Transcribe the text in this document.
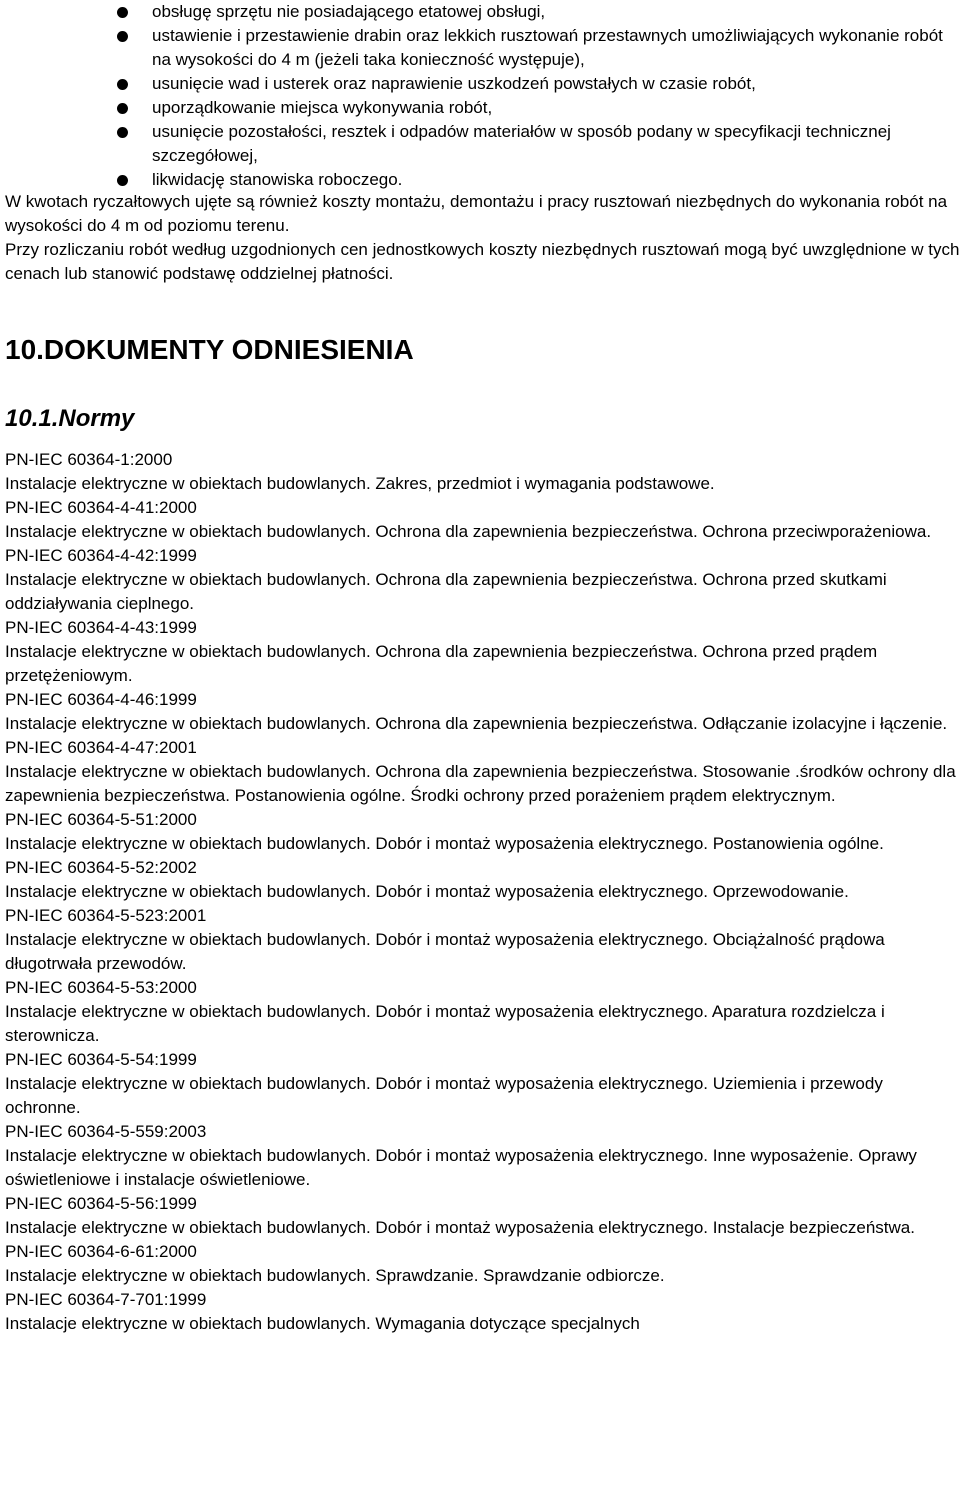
obsługę sprzętu nie posiadającego etatowej obsługi,
ustawienie i przestawienie drabin oraz lekkich rusztowań przestawnych umożliwiających wykonanie robót na wysokości do 4 m (jeżeli taka konieczność występuje),
usunięcie wad i usterek oraz naprawienie uszkodzeń powstałych w czasie robót,
uporządkowanie miejsca wykonywania robót,
usunięcie pozostałości, resztek i odpadów materiałów w sposób podany w specyfikacji technicznej szczegółowej,
likwidację stanowiska roboczego.
W kwotach ryczałtowych ujęte są również koszty montażu, demontażu i pracy rusztowań niezbędnych do wykonania robót na wysokości do 4 m od poziomu terenu.
Przy rozliczaniu robót według uzgodnionych cen jednostkowych koszty niezbędnych rusztowań mogą być uwzględnione w tych cenach lub stanowić podstawę oddzielnej płatności.
10.DOKUMENTY ODNIESIENIA
10.1.Normy
PN-IEC 60364-1:2000
Instalacje elektryczne w obiektach budowlanych. Zakres, przedmiot i wymagania podstawowe.
PN-IEC 60364-4-41:2000
Instalacje elektryczne w obiektach budowlanych. Ochrona dla zapewnienia bezpieczeństwa. Ochrona przeciwporażeniowa.
PN-IEC 60364-4-42:1999
Instalacje elektryczne w obiektach budowlanych. Ochrona dla zapewnienia bezpieczeństwa. Ochrona przed skutkami oddziaływania cieplnego.
PN-IEC 60364-4-43:1999
Instalacje elektryczne w obiektach budowlanych. Ochrona dla zapewnienia bezpieczeństwa. Ochrona przed prądem przetężeniowym.
PN-IEC 60364-4-46:1999
Instalacje elektryczne w obiektach budowlanych. Ochrona dla zapewnienia bezpieczeństwa. Odłączanie izolacyjne i łączenie.
PN-IEC 60364-4-47:2001
Instalacje elektryczne w obiektach budowlanych. Ochrona dla zapewnienia bezpieczeństwa. Stosowanie .środków ochrony dla zapewnienia bezpieczeństwa. Postanowienia ogólne. Środki ochrony przed porażeniem prądem elektrycznym.
PN-IEC 60364-5-51:2000
Instalacje elektryczne w obiektach budowlanych. Dobór i montaż wyposażenia elektrycznego. Postanowienia ogólne.
PN-IEC 60364-5-52:2002
Instalacje elektryczne w obiektach budowlanych. Dobór i montaż wyposażenia elektrycznego. Oprzewodowanie.
PN-IEC 60364-5-523:2001
Instalacje elektryczne w obiektach budowlanych. Dobór i montaż wyposażenia elektrycznego. Obciążalność prądowa długotrwała przewodów.
PN-IEC 60364-5-53:2000
Instalacje elektryczne w obiektach budowlanych. Dobór i montaż wyposażenia elektrycznego. Aparatura rozdzielcza i sterownicza.
PN-IEC 60364-5-54:1999
Instalacje elektryczne w obiektach budowlanych. Dobór i montaż wyposażenia elektrycznego. Uziemienia i przewody ochronne.
PN-IEC 60364-5-559:2003
Instalacje elektryczne w obiektach budowlanych. Dobór i montaż wyposażenia elektrycznego. Inne wyposażenie. Oprawy oświetleniowe i instalacje oświetleniowe.
PN-IEC 60364-5-56:1999
Instalacje elektryczne w obiektach budowlanych. Dobór i montaż wyposażenia elektrycznego. Instalacje bezpieczeństwa.
PN-IEC 60364-6-61:2000
Instalacje elektryczne w obiektach budowlanych. Sprawdzanie. Sprawdzanie odbiorcze.
PN-IEC 60364-7-701:1999
Instalacje elektryczne w obiektach budowlanych. Wymagania dotyczące specjalnych
